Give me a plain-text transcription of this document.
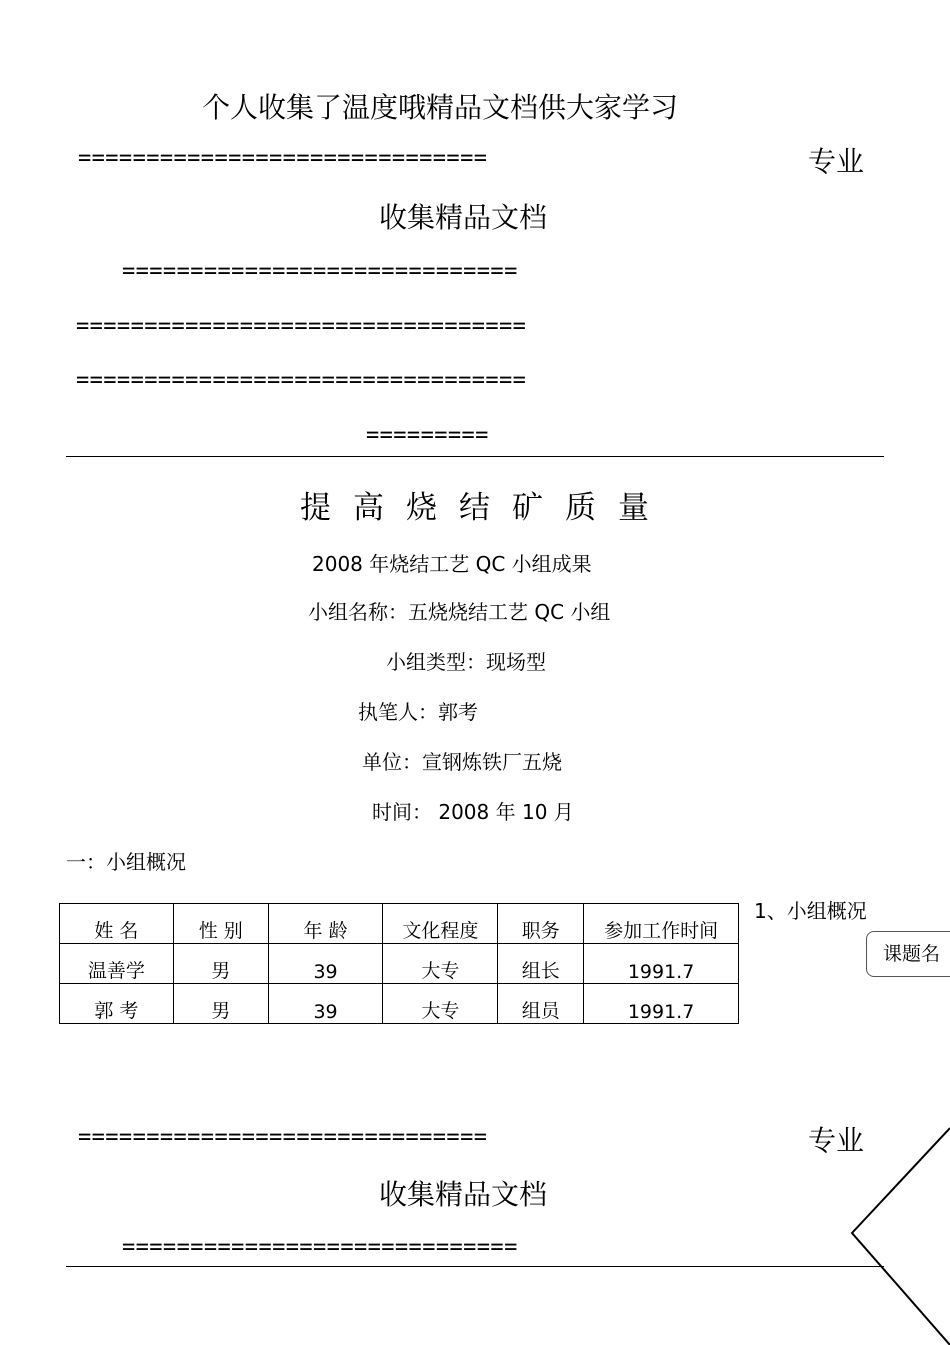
个人收集了温度哦精品文档供大家学习
==============================	专业
收集精品文档
=============================
=================================
=================================
=========
提高烧结矿质量
2008 年烧结工艺 QC 小组成果
小组名称：五烧烧结工艺 QC 小组
小组类型：现场型
执笔人：郭考
单位：宣钢炼铁厂五烧
时间： 2008 年 10 月
一：小组概况
1、小组概况
课题名
姓 名	性 别	年 龄	文化程度	职务	参加工作时间
温善学	男	39	大专	组长	1991.7
郭 考	男	39	大专	组员	1991.7
==============================	专业
收集精品文档
=============================
